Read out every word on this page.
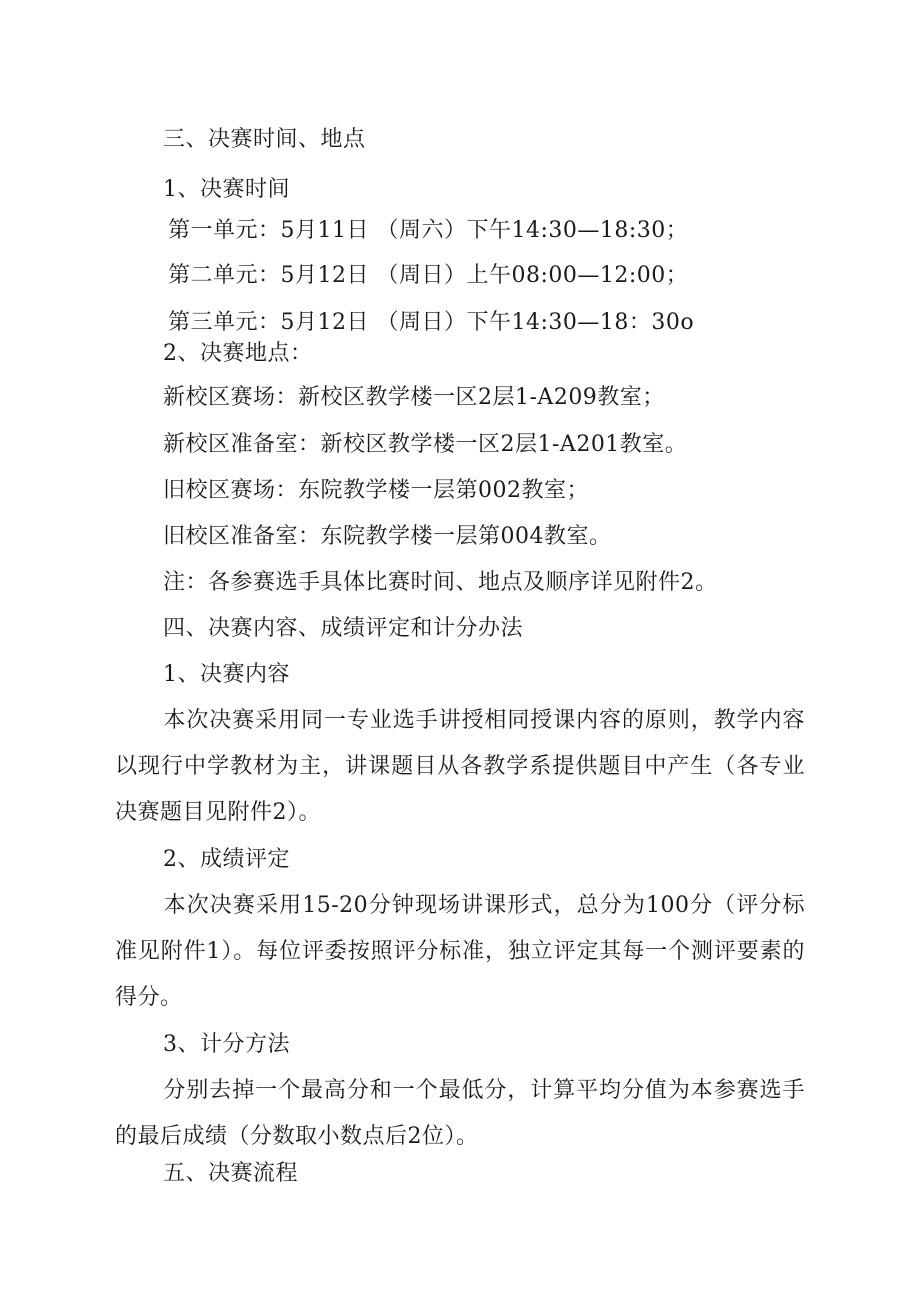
三、决赛时间、地点
1、决赛时间
第一单元：5月11日 （周六）下午14:30—18:30；
第二单元：5月12日 （周日）上午08:00—12:00；
第三单元：5月12日 （周日）下午14:30—18：30o
2、决赛地点：
新校区赛场：新校区教学楼一区2层1-A209教室；
新校区准备室：新校区教学楼一区2层1-A201教室。
旧校区赛场：东院教学楼一层第002教室；
旧校区准备室：东院教学楼一层第004教室。
注：各参赛选手具体比赛时间、地点及顺序详见附件2。
四、决赛内容、成绩评定和计分办法
1、决赛内容
本次决赛采用同一专业选手讲授相同授课内容的原则，教学内容以现行中学教材为主，讲课题目从各教学系提供题目中产生（各专业决赛题目见附件2）。
2、成绩评定
本次决赛采用15-20分钟现场讲课形式，总分为100分（评分标准见附件1）。每位评委按照评分标准，独立评定其每一个测评要素的得分。
3、计分方法
分别去掉一个最高分和一个最低分，计算平均分值为本参赛选手的最后成绩（分数取小数点后2位）。
五、决赛流程
